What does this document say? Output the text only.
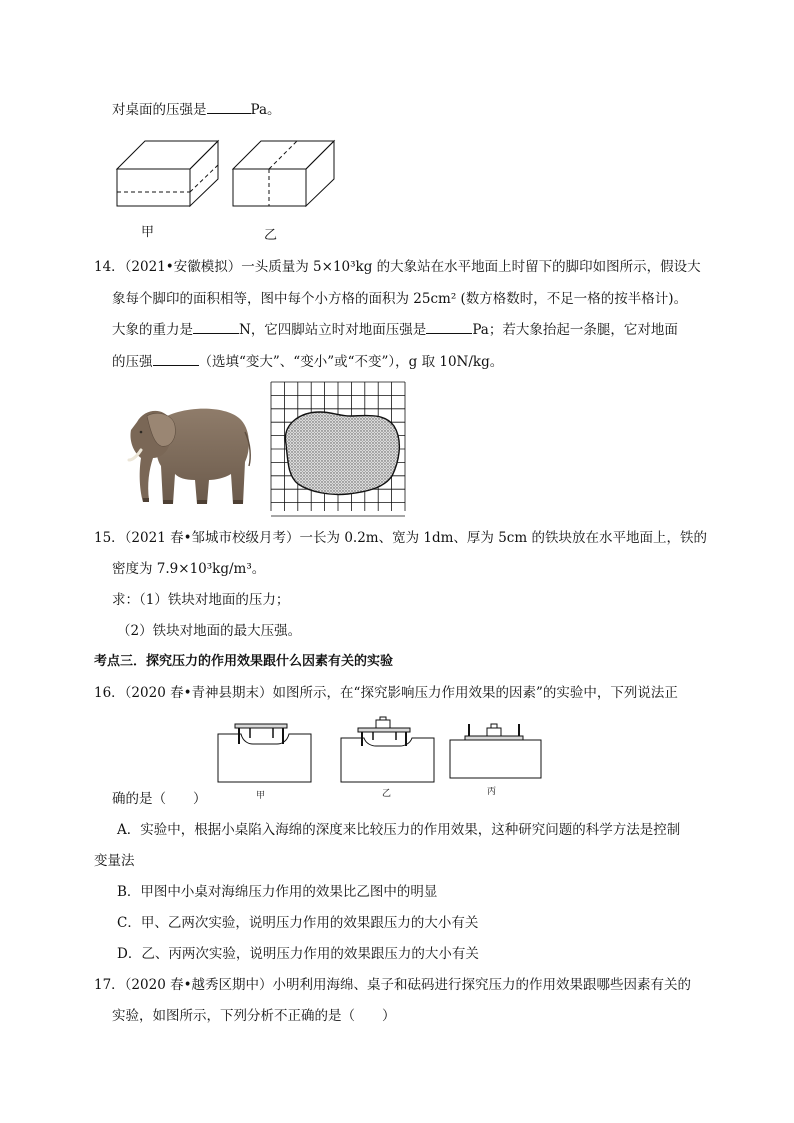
对桌面的压强是	Pa。
甲	乙
14．（2021•安徽模拟）一头质量为 5×10³kg 的大象站在水平地面上时留下的脚印如图所示，假设大
象每个脚印的面积相等，图中每个小方格的面积为 25cm² (数方格数时，不足一格的按半格计)。
大象的重力是	N，它四脚站立时对地面压强是	Pa；若大象抬起一条腿，它对地面
的压强	（选填“变大”、“变小”或“不变”），g 取 10N/kg。
15．（2021 春•邹城市校级月考）一长为 0.2m、宽为 1dm、厚为 5cm 的铁块放在水平地面上，铁的
密度为 7.9×10³kg/m³。
求：（1）铁块对地面的压力；
（2）铁块对地面的最大压强。
考点三．探究压力的作用效果跟什么因素有关的实验
16．（2020 春•青神县期末）如图所示，在“探究影响压力作用效果的因素”的实验中，下列说法正
甲	乙	丙
确的是（　　）
A．实验中，根据小桌陷入海绵的深度来比较压力的作用效果，这种研究问题的科学方法是控制
变量法
B．甲图中小桌对海绵压力作用的效果比乙图中的明显
C．甲、乙两次实验，说明压力作用的效果跟压力的大小有关
D．乙、丙两次实验，说明压力作用的效果跟压力的大小有关
17．（2020 春•越秀区期中）小明利用海绵、桌子和砝码进行探究压力的作用效果跟哪些因素有关的
实验，如图所示，下列分析不正确的是（　　）
